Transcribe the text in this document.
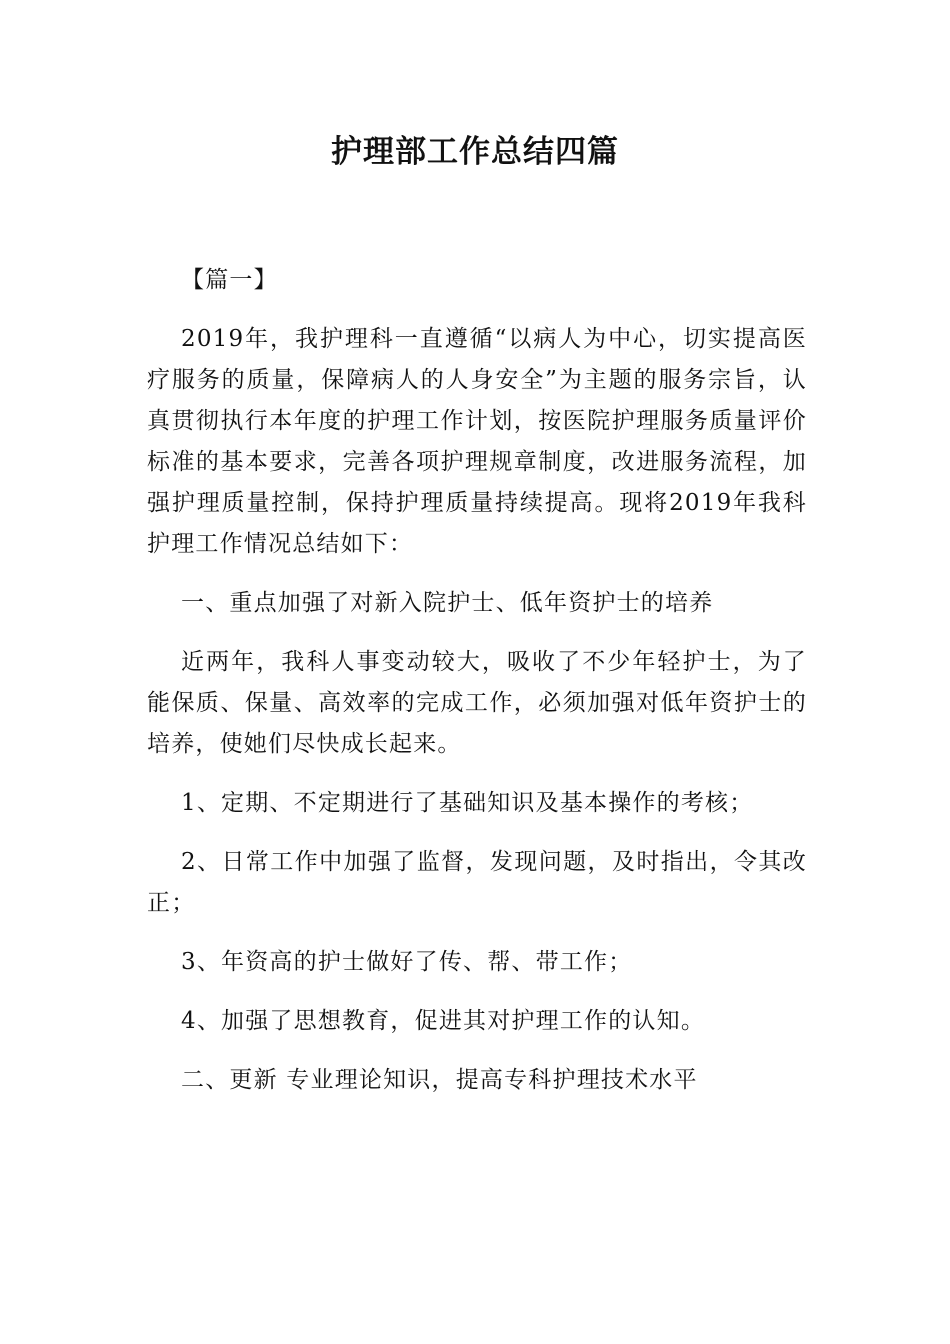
护理部工作总结四篇

【篇一】

2019年，我护理科一直遵循“以病人为中心，切实提高医疗服务的质量，保障病人的人身安全”为主题的服务宗旨，认真贯彻执行本年度的护理工作计划，按医院护理服务质量评价标准的基本要求，完善各项护理规章制度，改进服务流程，加强护理质量控制，保持护理质量持续提高。现将2019年我科护理工作情况总结如下：

一、重点加强了对新入院护士、低年资护士的培养

近两年，我科人事变动较大，吸收了不少年轻护士，为了能保质、保量、高效率的完成工作，必须加强对低年资护士的培养，使她们尽快成长起来。

1、定期、不定期进行了基础知识及基本操作的考核；

2、日常工作中加强了监督，发现问题，及时指出，令其改正；

3、年资高的护士做好了传、帮、带工作；

4、加强了思想教育，促进其对护理工作的认知。

二、更新 专业理论知识，提高专科护理技术水平
